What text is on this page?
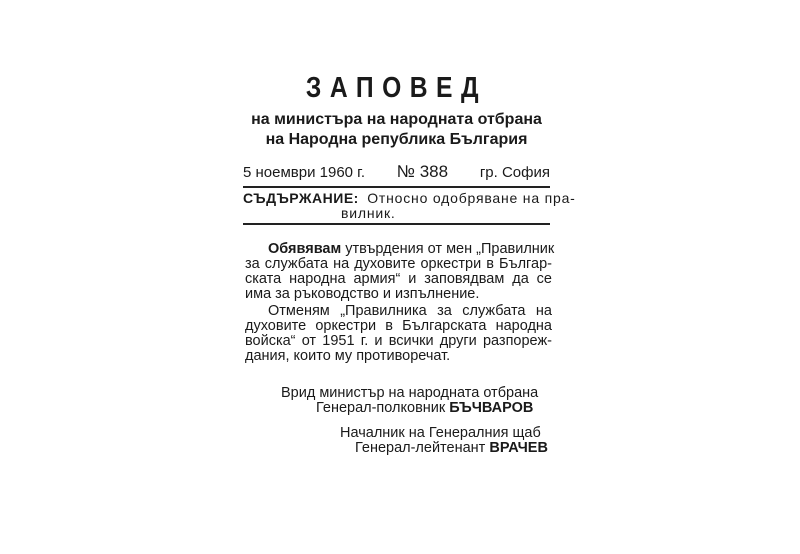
ЗАПОВЕД
на министъра на народната отбрана
на Народна република България
5 ноември 1960 г. № 388 гр. София
СЪДЪРЖАНИЕ: Относно одобряване на пра-
вилник.
Обявявам утвърдения от мен „Правилник
за службата на духовите оркестри в Българ-
ската народна армия“ и заповядвам да се
има за ръководство и изпълнение.
Отменям „Правилника за службата на
духовите оркестри в Българската народна
войска“ от 1951 г. и всички други разпореж-
дания, които му противоречат.
Врид министър на народната отбрана
Генерал-полковник БЪЧВАРОВ
Началник на Генералния щаб
Генерал-лейтенант ВРАЧЕВ
